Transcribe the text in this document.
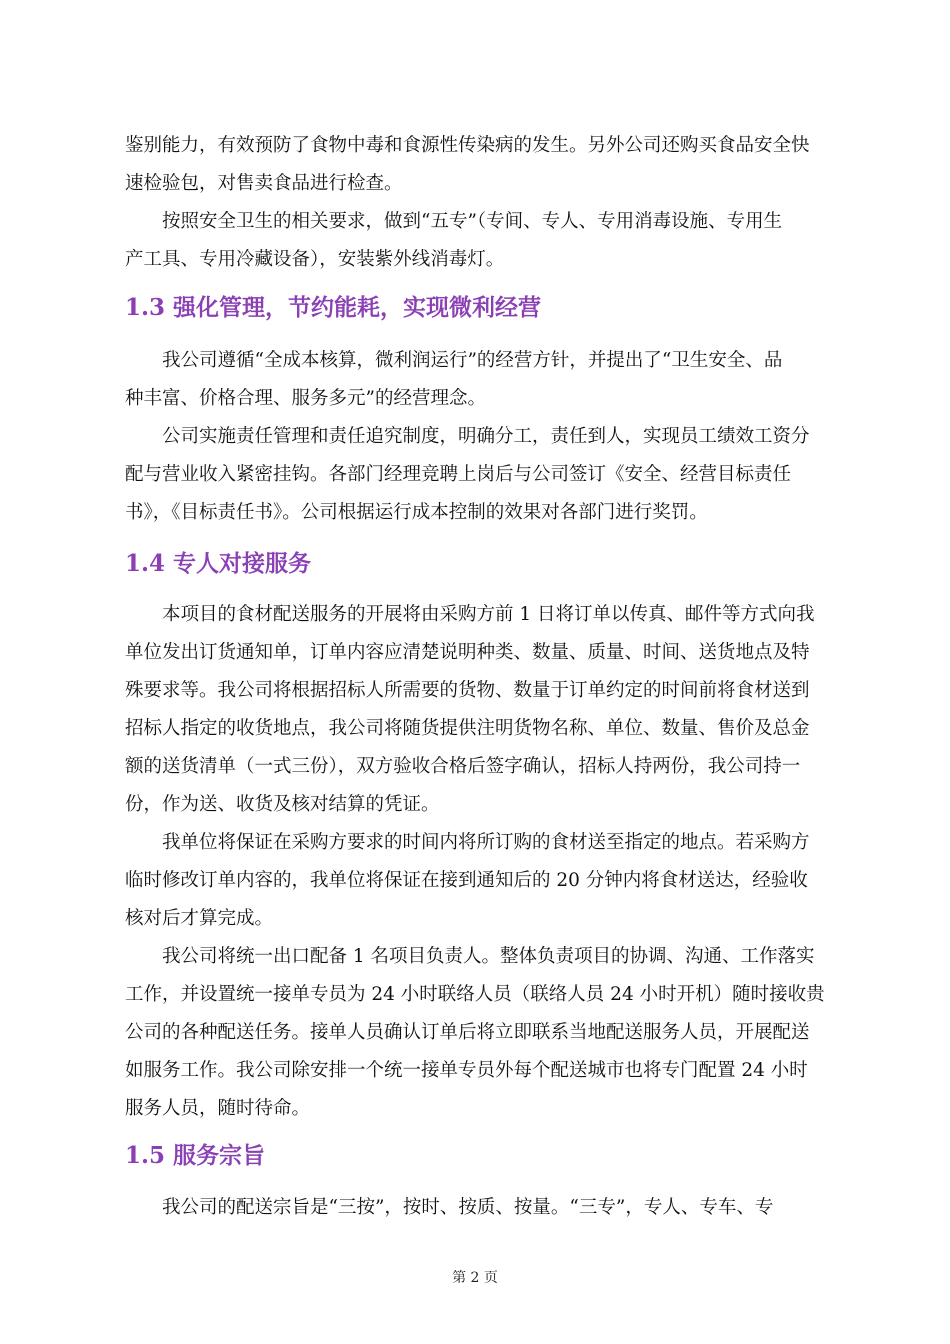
鉴别能力，有效预防了食物中毒和食源性传染病的发生。另外公司还购买食品安全快
速检验包，对售卖食品进行检查。

　　按照安全卫生的相关要求，做到“五专”（专间、专人、专用消毒设施、专用生
产工具、专用冷藏设备），安装紫外线消毒灯。

1.3 强化管理，节约能耗，实现微利经营

　　我公司遵循“全成本核算，微利润运行”的经营方针，并提出了“卫生安全、品
种丰富、价格合理、服务多元”的经营理念。

　　公司实施责任管理和责任追究制度，明确分工，责任到人，实现员工绩效工资分
配与营业收入紧密挂钩。各部门经理竞聘上岗后与公司签订《安全、经营目标责任
书》，《目标责任书》。公司根据运行成本控制的效果对各部门进行奖罚。

1.4 专人对接服务

　　本项目的食材配送服务的开展将由采购方前 1 日将订单以传真、邮件等方式向我
单位发出订货通知单，订单内容应清楚说明种类、数量、质量、时间、送货地点及特
殊要求等。我公司将根据招标人所需要的货物、数量于订单约定的时间前将食材送到
招标人指定的收货地点，我公司将随货提供注明货物名称、单位、数量、售价及总金
额的送货清单（一式三份），双方验收合格后签字确认，招标人持两份，我公司持一
份，作为送、收货及核对结算的凭证。

　　我单位将保证在采购方要求的时间内将所订购的食材送至指定的地点。若采购方
临时修改订单内容的，我单位将保证在接到通知后的 20 分钟内将食材送达，经验收
核对后才算完成。

　　我公司将统一出口配备 1 名项目负责人。整体负责项目的协调、沟通、工作落实
工作，并设置统一接单专员为 24 小时联络人员（联络人员 24 小时开机）随时接收贵
公司的各种配送任务。接单人员确认订单后将立即联系当地配送服务人员，开展配送
如服务工作。我公司除安排一个统一接单专员外每个配送城市也将专门配置 24 小时
服务人员，随时待命。

1.5 服务宗旨

　　我公司的配送宗旨是“三按”，按时、按质、按量。“三专”，专人、专车、专

第 2 页
